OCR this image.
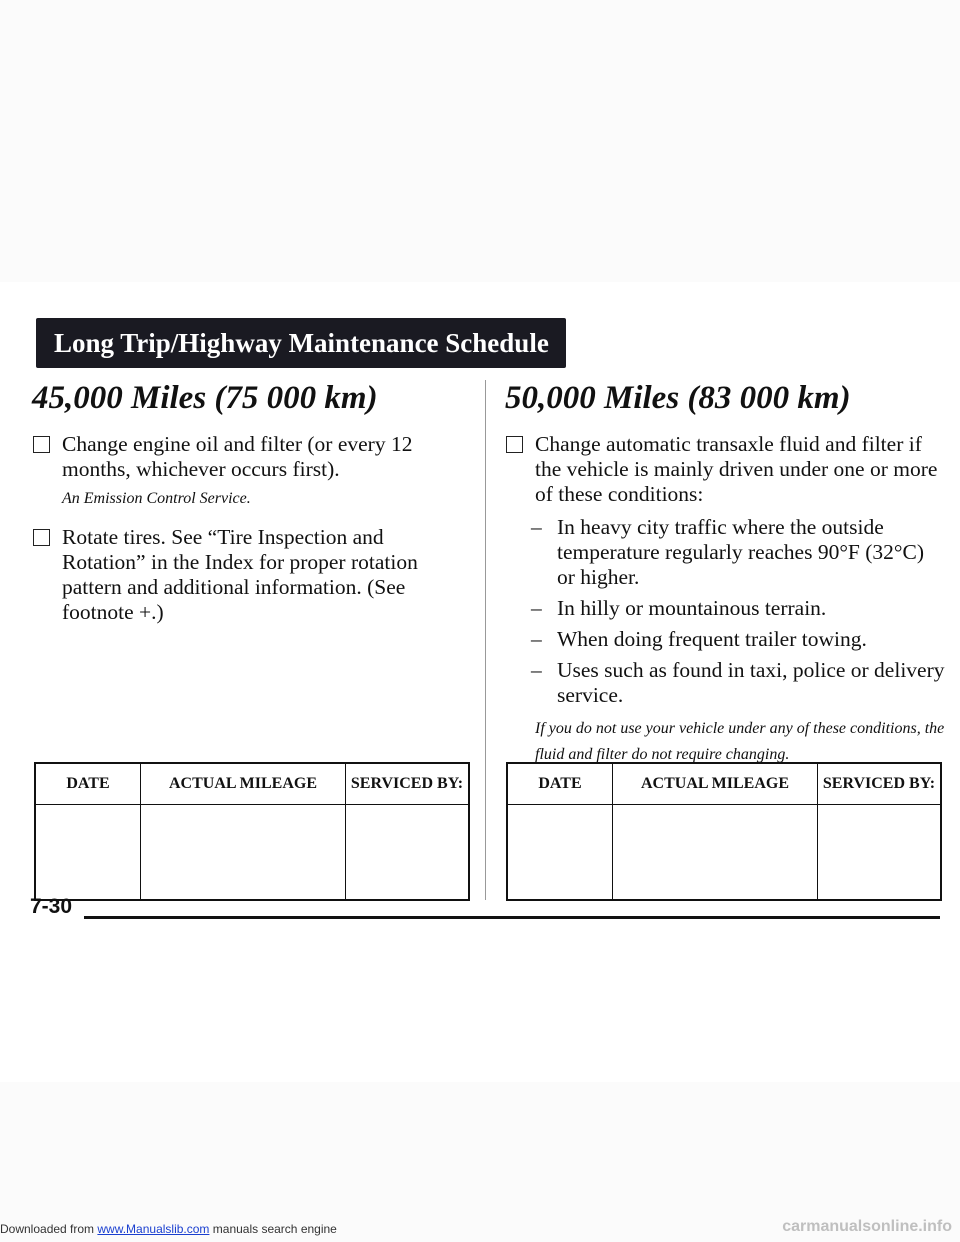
Long Trip/Highway Maintenance Schedule
45,000 Miles (75 000 km)
Change engine oil and filter (or every 12 months, whichever occurs first).
An Emission Control Service.
Rotate tires. See “Tire Inspection and Rotation” in the Index for proper rotation pattern and additional information. (See footnote +.)
50,000 Miles (83 000 km)
Change automatic transaxle fluid and filter if the vehicle is mainly driven under one or more of these conditions:
– In heavy city traffic where the outside temperature regularly reaches 90°F (32°C) or higher.
– In hilly or mountainous terrain.
– When doing frequent trailer towing.
– Uses such as found in taxi, police or delivery service.
If you do not use your vehicle under any of these conditions, the fluid and filter do not require changing.
DATE	ACTUAL MILEAGE	SERVICED BY:
			DATE	ACTUAL MILEAGE	SERVICED BY:

7-30
Downloaded from www.Manualslib.com manuals search engine	carmanualsonline.info
